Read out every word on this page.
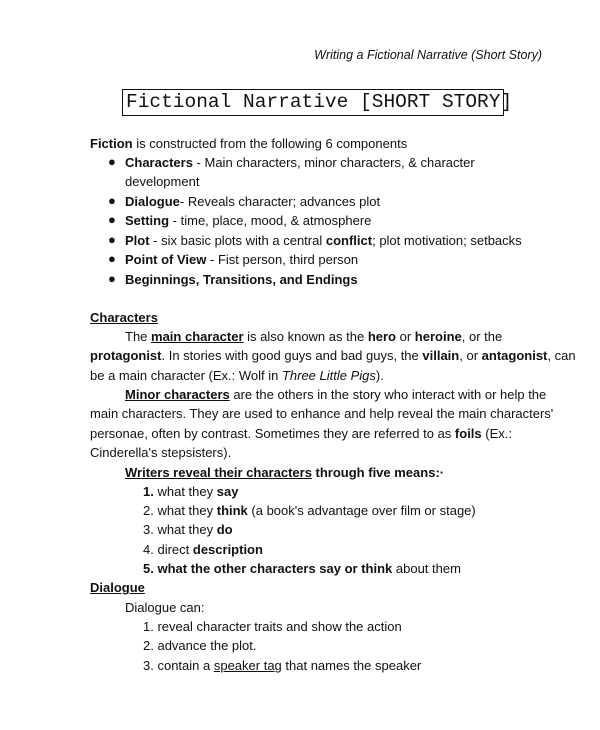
Writing a Fictional Narrative (Short Story)
Fictional Narrative [SHORT STORY]
Fiction is constructed from the following 6 components
● Characters - Main characters, minor characters, & character
development
● Dialogue- Reveals character; advances plot
● Setting - time, place, mood, & atmosphere
● Plot - six basic plots with a central conflict; plot motivation; setbacks
● Point of View - Fist person, third person
● Beginnings, Transitions, and Endings
Characters
The main character is also known as the hero or heroine, or the
protagonist. In stories with good guys and bad guys, the villain, or antagonist, can
be a main character (Ex.: Wolf in Three Little Pigs).
Minor characters are the others in the story who interact with or help the
main characters. They are used to enhance and help reveal the main characters'
personae, often by contrast. Sometimes they are referred to as foils (Ex.:
Cinderella's stepsisters).
Writers reveal their characters through five means:·
1. what they say
2. what they think (a book's advantage over film or stage)
3. what they do
4. direct description
5. what the other characters say or think about them
Dialogue
Dialogue can:
1. reveal character traits and show the action
2. advance the plot.
3. contain a speaker tag that names the speaker
